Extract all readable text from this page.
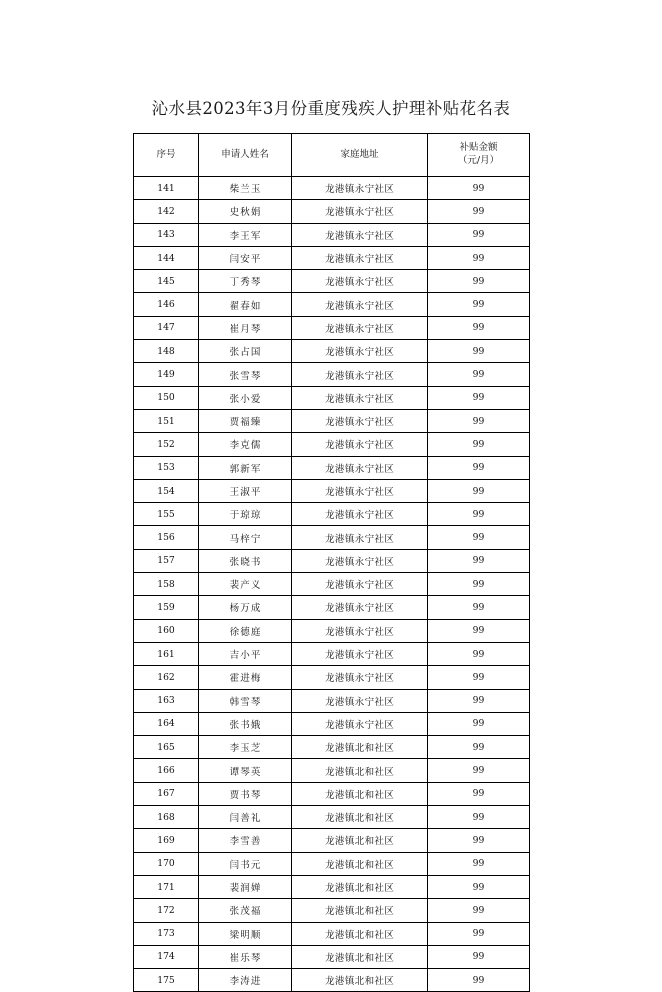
沁水县2023年3月份重度残疾人护理补贴花名表
序号	申请人姓名	家庭地址	补贴金额
（元/月）

141	柴兰玉	龙港镇永宁社区	99
142	史秋娟	龙港镇永宁社区	99
143	李王军	龙港镇永宁社区	99
144	闫安平	龙港镇永宁社区	99
145	丁秀琴	龙港镇永宁社区	99
146	翟春如	龙港镇永宁社区	99
147	崔月琴	龙港镇永宁社区	99
148	张占国	龙港镇永宁社区	99
149	张雪琴	龙港镇永宁社区	99
150	张小爱	龙港镇永宁社区	99
151	贾福臻	龙港镇永宁社区	99
152	李克儒	龙港镇永宁社区	99
153	郭新军	龙港镇永宁社区	99
154	王淑平	龙港镇永宁社区	99
155	于琼琼	龙港镇永宁社区	99
156	马梓宁	龙港镇永宁社区	99
157	张晓书	龙港镇永宁社区	99
158	裴产义	龙港镇永宁社区	99
159	杨万成	龙港镇永宁社区	99
160	徐德庭	龙港镇永宁社区	99
161	吉小平	龙港镇永宁社区	99
162	霍进梅	龙港镇永宁社区	99
163	韩雪琴	龙港镇永宁社区	99
164	张书娥	龙港镇永宁社区	99
165	李玉芝	龙港镇北和社区	99
166	谭琴英	龙港镇北和社区	99
167	贾书琴	龙港镇北和社区	99
168	闫善礼	龙港镇北和社区	99
169	李雪善	龙港镇北和社区	99
170	闫书元	龙港镇北和社区	99
171	裴润婵	龙港镇北和社区	99
172	张茂福	龙港镇北和社区	99
173	梁明顺	龙港镇北和社区	99
174	崔乐琴	龙港镇北和社区	99
175	李涛进	龙港镇北和社区	99
